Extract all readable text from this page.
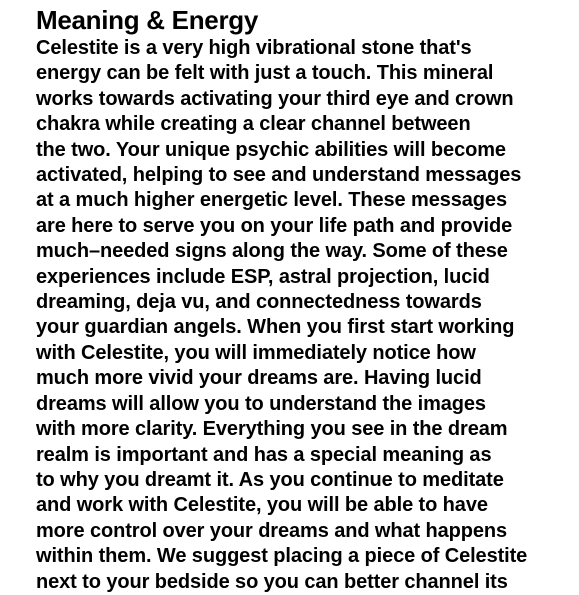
Meaning & Energy
Celestite is a very high vibrational stone that's
energy can be felt with just a touch. This mineral
works towards activating your third eye and crown
chakra while creating a clear channel between
the two. Your unique psychic abilities will become
activated, helping to see and understand messages
at a much higher energetic level. These messages
are here to serve you on your life path and provide
much–needed signs along the way. Some of these
experiences include ESP, astral projection, lucid
dreaming, deja vu, and connectedness towards
your guardian angels. When you first start working
with Celestite, you will immediately notice how
much more vivid your dreams are. Having lucid
dreams will allow you to understand the images
with more clarity. Everything you see in the dream
realm is important and has a special meaning as
to why you dreamt it. As you continue to meditate
and work with Celestite, you will be able to have
more control over your dreams and what happens
within them. We suggest placing a piece of Celestite
next to your bedside so you can better channel its
